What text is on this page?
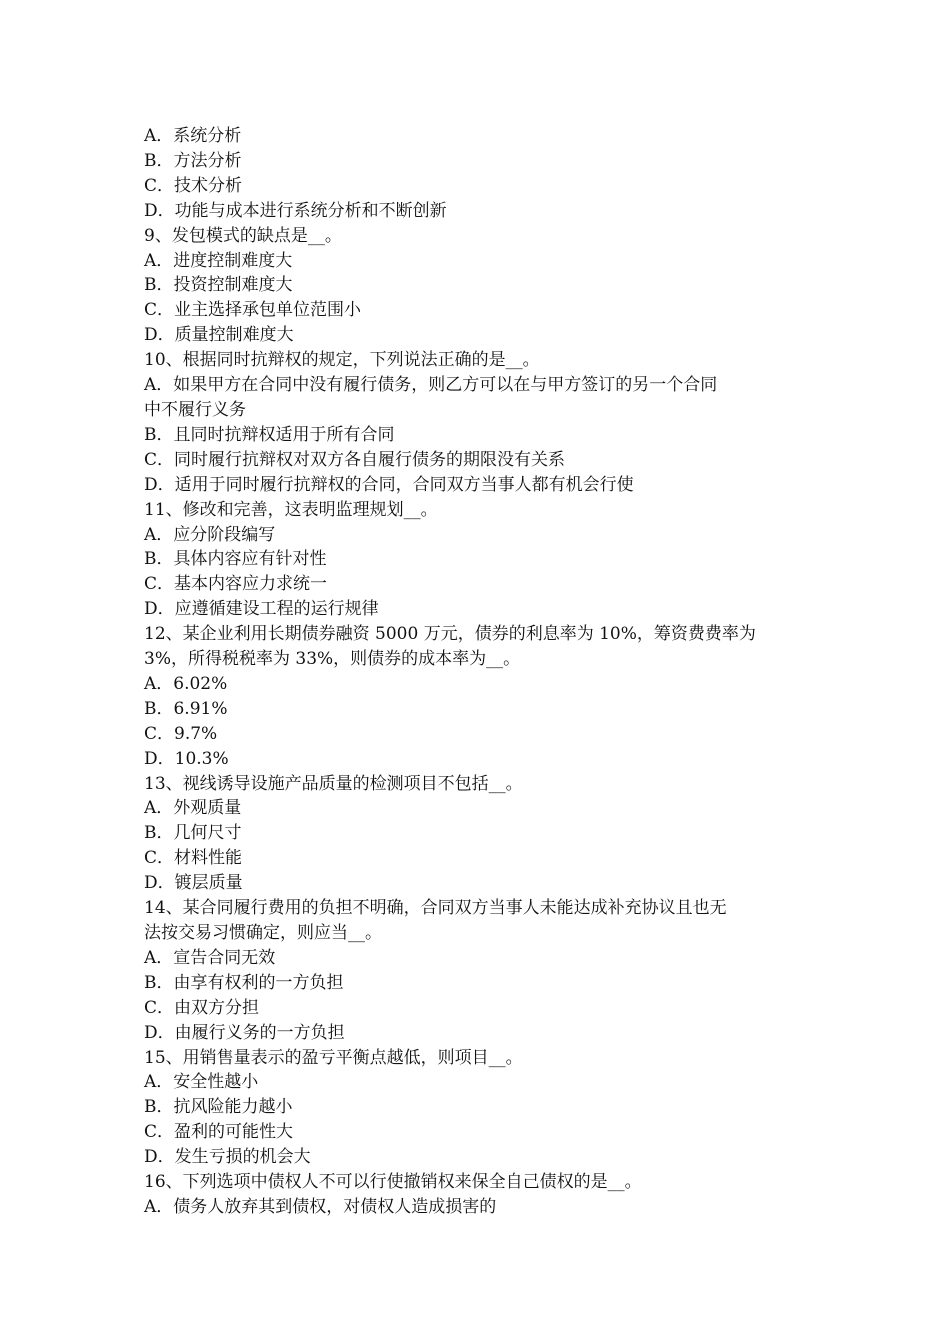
A．系统分析
B．方法分析
C．技术分析
D．功能与成本进行系统分析和不断创新
9、发包模式的缺点是__。
A．进度控制难度大
B．投资控制难度大
C．业主选择承包单位范围小
D．质量控制难度大
10、根据同时抗辩权的规定，下列说法正确的是__。
A．如果甲方在合同中没有履行债务，则乙方可以在与甲方签订的另一个合同
中不履行义务
B．且同时抗辩权适用于所有合同
C．同时履行抗辩权对双方各自履行债务的期限没有关系
D．适用于同时履行抗辩权的合同，合同双方当事人都有机会行使
11、修改和完善，这表明监理规划__。
A．应分阶段编写
B．具体内容应有针对性
C．基本内容应力求统一
D．应遵循建设工程的运行规律
12、某企业利用长期债券融资 5000 万元，债券的利息率为 10%，筹资费费率为
3%，所得税税率为 33%，则债券的成本率为__。
A．6.02%
B．6.91%
C．9.7%
D．10.3%
13、视线诱导设施产品质量的检测项目不包括__。
A．外观质量
B．几何尺寸
C．材料性能
D．镀层质量
14、某合同履行费用的负担不明确，合同双方当事人未能达成补充协议且也无
法按交易习惯确定，则应当__。
A．宣告合同无效
B．由享有权利的一方负担
C．由双方分担
D．由履行义务的一方负担
15、用销售量表示的盈亏平衡点越低，则项目__。
A．安全性越小
B．抗风险能力越小
C．盈利的可能性大
D．发生亏损的机会大
16、下列选项中债权人不可以行使撤销权来保全自己债权的是__。
A．债务人放弃其到债权，对债权人造成损害的
